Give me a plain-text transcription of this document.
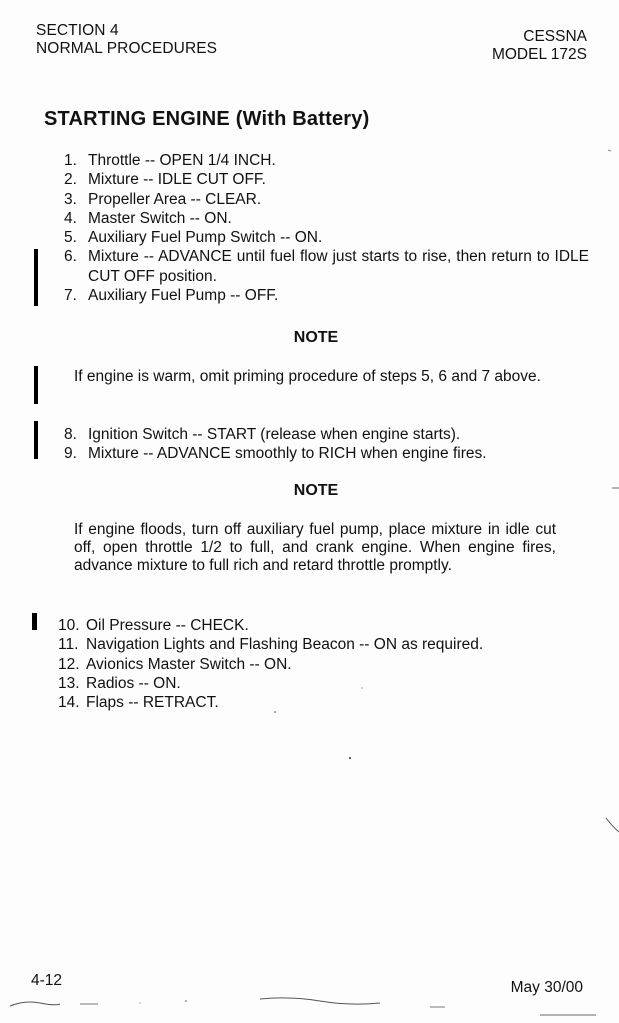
SECTION 4
NORMAL PROCEDURES
CESSNA
MODEL 172S
STARTING ENGINE (With Battery)
1. Throttle -- OPEN 1/4 INCH.
2. Mixture -- IDLE CUT OFF.
3. Propeller Area -- CLEAR.
4. Master Switch -- ON.
5. Auxiliary Fuel Pump Switch -- ON.
6. Mixture -- ADVANCE until fuel flow just starts to rise, then return to IDLE CUT OFF position.
7. Auxiliary Fuel Pump -- OFF.
NOTE
If engine is warm, omit priming procedure of steps 5, 6 and 7 above.
8. Ignition Switch -- START (release when engine starts).
9. Mixture -- ADVANCE smoothly to RICH when engine fires.
NOTE
If engine floods, turn off auxiliary fuel pump, place mixture in idle cut off, open throttle 1/2 to full, and crank engine. When engine fires, advance mixture to full rich and retard throttle promptly.
10. Oil Pressure -- CHECK.
11. Navigation Lights and Flashing Beacon -- ON as required.
12. Avionics Master Switch -- ON.
13. Radios -- ON.
14. Flaps -- RETRACT.
4-12	May 30/00
